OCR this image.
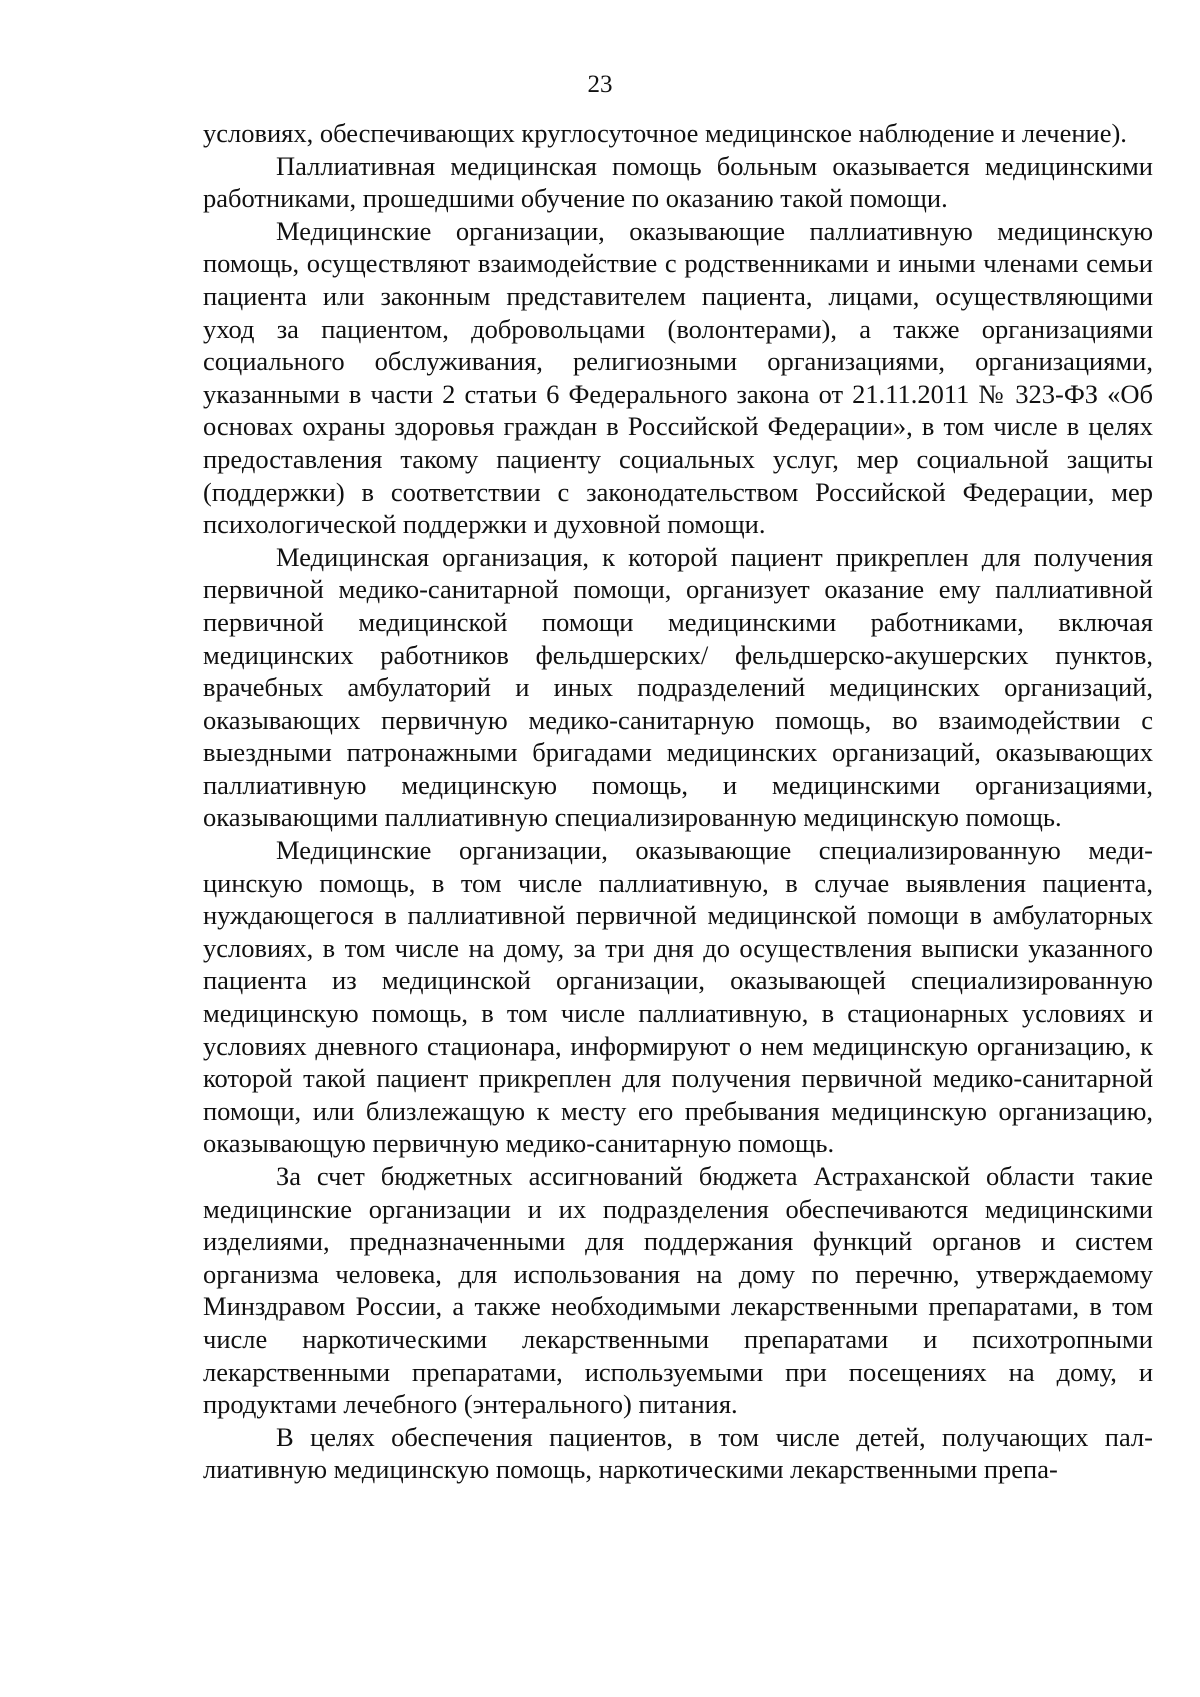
23

условиях, обеспечивающих круглосуточное медицинское наблюдение и лечение).

Паллиативная медицинская помощь больным оказывается медицинскими работниками, прошедшими обучение по оказанию такой помощи.

Медицинские организации, оказывающие паллиативную медицинскую помощь, осуществляют взаимодействие с родственниками и иными членами семьи пациента или законным представителем пациента, лицами, осуществляющими уход за пациентом, добровольцами (волонтерами), а также организациями социального обслуживания, религиозными организациями, организациями, указанными в части 2 статьи 6 Федерального закона от 21.11.2011 № 323-ФЗ «Об основах охраны здоровья граждан в Российской Федерации», в том числе в целях предоставления такому пациенту социальных услуг, мер социальной защиты (поддержки) в соответствии с законодательством Российской Федерации, мер психологической поддержки и духовной помощи.

Медицинская организация, к которой пациент прикреплен для получения первичной медико-санитарной помощи, организует оказание ему паллиативной первичной медицинской помощи медицинскими работниками, включая медицинских работников фельдшерских/ фельдшерско-акушерских пунктов, врачебных амбулаторий и иных подразделений медицинских организаций, оказывающих первичную медико-санитарную помощь, во взаимодействии с выездными патронажными бригадами медицинских организаций, оказывающих паллиативную медицинскую помощь, и медицинскими организациями, оказывающими паллиативную специализированную медицинскую помощь.

Медицинские организации, оказывающие специализированную медицинскую помощь, в том числе паллиативную, в случае выявления пациента, нуждающегося в паллиативной первичной медицинской помощи в амбулаторных условиях, в том числе на дому, за три дня до осуществления выписки указанного пациента из медицинской организации, оказывающей специализированную медицинскую помощь, в том числе паллиативную, в стационарных условиях и условиях дневного стационара, информируют о нем медицинскую организацию, к которой такой пациент прикреплен для получения первичной медико-санитарной помощи, или близлежащую к месту его пребывания медицинскую организацию, оказывающую первичную медико-санитарную помощь.

За счет бюджетных ассигнований бюджета Астраханской области такие медицинские организации и их подразделения обеспечиваются медицинскими изделиями, предназначенными для поддержания функций органов и систем организма человека, для использования на дому по перечню, утверждаемому Минздравом России, а также необходимыми лекарственными препаратами, в том числе наркотическими лекарственными препаратами и психотропными лекарственными препаратами, используемыми при посещениях на дому, и продуктами лечебного (энтерального) питания.

В целях обеспечения пациентов, в том числе детей, получающих паллиативную медицинскую помощь, наркотическими лекарственными препа-
